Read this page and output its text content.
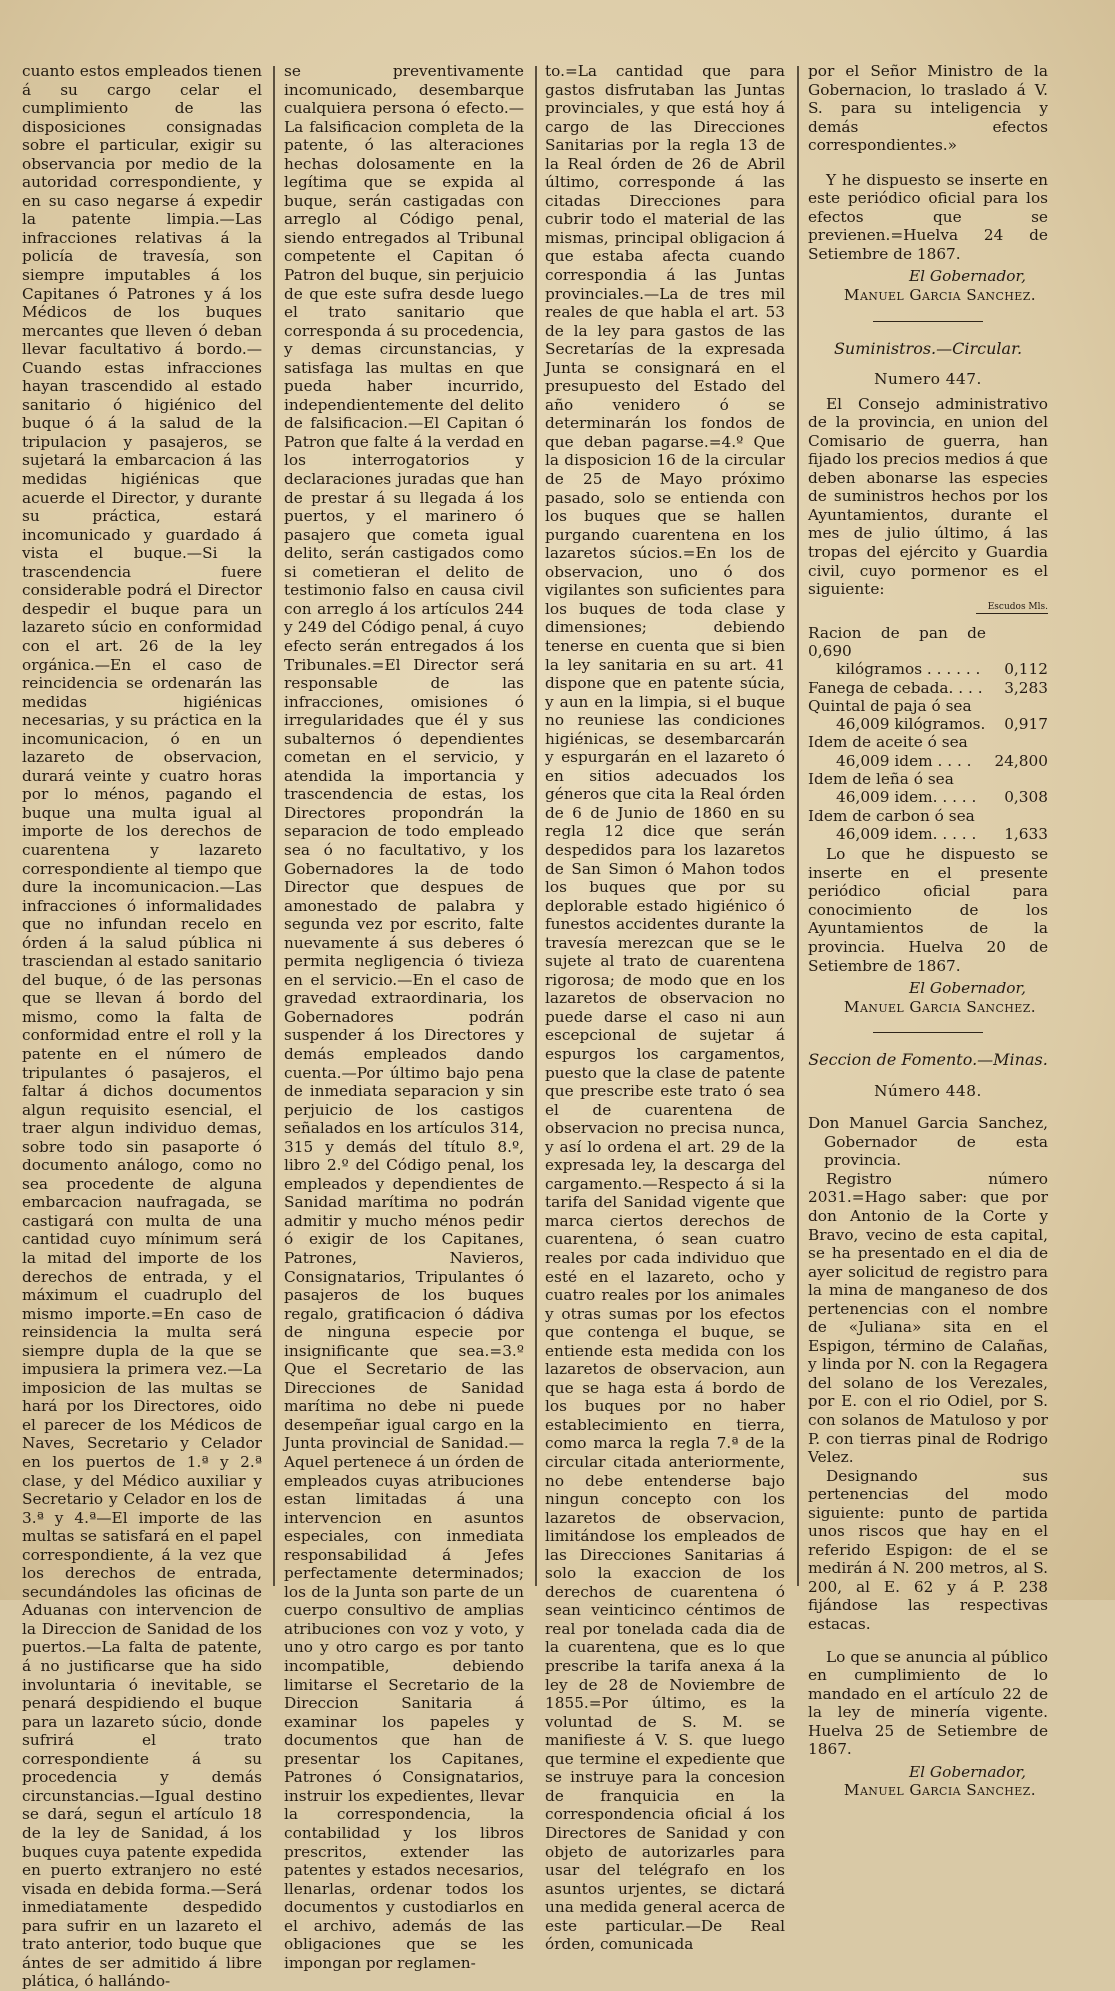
cuanto estos empleados tienen á su cargo celar el cumplimiento de las disposiciones consignadas sobre el particular, exigir su observancia por medio de la autoridad correspondiente, y en su caso negarse á expedir la patente limpia.—Las infracciones relativas á la policía de travesía, son siempre imputables á los Capitanes ó Patrones y á los Médicos de los buques mercantes que lleven ó deban llevar facultativo á bordo.—Cuando estas infracciones hayan trascendido al estado sanitario ó higiénico del buque ó á la salud de la tripulacion y pasajeros, se sujetará la embarcacion á las medidas higiénicas que acuerde el Director, y durante su práctica, estará incomunicado y guardado á vista el buque.—Si la trascendencia fuere considerable podrá el Director despedir el buque para un lazareto súcio en conformidad con el art. 26 de la ley orgánica.—En el caso de reincidencia se ordenarán las medidas higiénicas necesarias, y su práctica en la incomunicacion, ó en un lazareto de observacion, durará veinte y cuatro horas por lo ménos, pagando el buque una multa igual al importe de los derechos de cuarentena y lazareto correspondiente al tiempo que dure la incomunicacion.—Las infracciones ó informalidades que no infundan recelo en órden á la salud pública ni trasciendan al estado sanitario del buque, ó de las personas que se llevan á bordo del mismo, como la falta de conformidad entre el roll y la patente en el número de tripulantes ó pasajeros, el faltar á dichos documentos algun requisito esencial, el traer algun individuo demas, sobre todo sin pasaporte ó documento análogo, como no sea procedente de alguna embarcacion naufragada, se castigará con multa de una cantidad cuyo mínimum será la mitad del importe de los derechos de entrada, y el máximum el cuadruplo del mismo importe.=En caso de reinsidencia la multa será siempre dupla de la que se impusiera la primera vez.—La imposicion de las multas se hará por los Directores, oido el parecer de los Médicos de Naves, Secretario y Celador en los puertos de 1.ª y 2.ª clase, y del Médico auxiliar y Secretario y Celador en los de 3.ª y 4.ª—El importe de las multas se satisfará en el papel correspondiente, á la vez que los derechos de entrada, secundándoles las oficinas de Aduanas con intervencion de la Direccion de Sanidad de los puertos.—La falta de patente, á no justificarse que ha sido involuntaria ó inevitable, se penará despidiendo el buque para un lazareto súcio, donde sufrirá el trato correspondiente á su procedencia y demás circunstancias.—Igual destino se dará, segun el artículo 18 de la ley de Sanidad, á los buques cuya patente expedida en puerto extranjero no esté visada en debida forma.—Será inmediatamente despedido para sufrir en un lazareto el trato anterior, todo buque que ántes de ser admitido á libre plática, ó hallándo-

se preventivamente incomunicado, desembarque cualquiera persona ó efecto.—La falsificacion completa de la patente, ó las alteraciones hechas dolosamente en la legítima que se expida al buque, serán castigadas con arreglo al Código penal, siendo entregados al Tribunal competente el Capitan ó Patron del buque, sin perjuicio de que este sufra desde luego el trato sanitario que corresponda á su procedencia, y demas circunstancias, y satisfaga las multas en que pueda haber incurrido, independientemente del delito de falsificacion.—El Capitan ó Patron que falte á la verdad en los interrogatorios y declaraciones juradas que han de prestar á su llegada á los puertos, y el marinero ó pasajero que cometa igual delito, serán castigados como si cometieran el delito de testimonio falso en causa civil con arreglo á los artículos 244 y 249 del Código penal, á cuyo efecto serán entregados á los Tribunales.=El Director será responsable de las infracciones, omisiones ó irregularidades que él y sus subalternos ó dependientes cometan en el servicio, y atendida la importancia y trascendencia de estas, los Directores propondrán la separacion de todo empleado sea ó no facultativo, y los Gobernadores la de todo Director que despues de amonestado de palabra y segunda vez por escrito, falte nuevamente á sus deberes ó permita negligencia ó tivieza en el servicio.—En el caso de gravedad extraordinaria, los Gobernadores podrán suspender á los Directores y demás empleados dando cuenta.—Por último bajo pena de inmediata separacion y sin perjuicio de los castigos señalados en los artículos 314, 315 y demás del título 8.º, libro 2.º del Código penal, los empleados y dependientes de Sanidad marítima no podrán admitir y mucho ménos pedir ó exigir de los Capitanes, Patrones, Navieros, Consignatarios, Tripulantes ó pasajeros de los buques regalo, gratificacion ó dádiva de ninguna especie por insignificante que sea.=3.º Que el Secretario de las Direcciones de Sanidad marítima no debe ni puede desempeñar igual cargo en la Junta provincial de Sanidad.—Aquel pertenece á un órden de empleados cuyas atribuciones estan limitadas á una intervencion en asuntos especiales, con inmediata responsabilidad á Jefes perfectamente determinados; los de la Junta son parte de un cuerpo consultivo de amplias atribuciones con voz y voto, y uno y otro cargo es por tanto incompatible, debiendo limitarse el Secretario de la Direccion Sanitaria á examinar los papeles y documentos que han de presentar los Capitanes, Patrones ó Consignatarios, instruir los expedientes, llevar la correspondencia, la contabilidad y los libros prescritos, extender las patentes y estados necesarios, llenarlas, ordenar todos los documentos y custodiarlos en el archivo, además de las obligaciones que se les impongan por reglamen-

to.=La cantidad que para gastos disfrutaban las Juntas provinciales, y que está hoy á cargo de las Direcciones Sanitarias por la regla 13 de la Real órden de 26 de Abril último, corresponde á las citadas Direcciones para cubrir todo el material de las mismas, principal obligacion á que estaba afecta cuando correspondia á las Juntas provinciales.—La de tres mil reales de que habla el art. 53 de la ley para gastos de las Secretarías de la expresada Junta se consignará en el presupuesto del Estado del año venidero ó se determinarán los fondos de que deban pagarse.=4.º Que la disposicion 16 de la circular de 25 de Mayo próximo pasado, solo se entienda con los buques que se hallen purgando cuarentena en los lazaretos súcios.=En los de observacion, uno ó dos vigilantes son suficientes para los buques de toda clase y dimensiones; debiendo tenerse en cuenta que si bien la ley sanitaria en su art. 41 dispone que en patente súcia, y aun en la limpia, si el buque no reuniese las condiciones higiénicas, se desembarcarán y espurgarán en el lazareto ó en sitios adecuados los géneros que cita la Real órden de 6 de Junio de 1860 en su regla 12 dice que serán despedidos para los lazaretos de San Simon ó Mahon todos los buques que por su deplorable estado higiénico ó funestos accidentes durante la travesía merezcan que se le sujete al trato de cuarentena rigorosa; de modo que en los lazaretos de observacion no puede darse el caso ni aun escepcional de sujetar á espurgos los cargamentos, puesto que la clase de patente que prescribe este trato ó sea el de cuarentena de observacion no precisa nunca, y así lo ordena el art. 29 de la expresada ley, la descarga del cargamento.—Respecto á si la tarifa del Sanidad vigente que marca ciertos derechos de cuarentena, ó sean cuatro reales por cada individuo que esté en el lazareto, ocho y cuatro reales por los animales y otras sumas por los efectos que contenga el buque, se entiende esta medida con los lazaretos de observacion, aun que se haga esta á bordo de los buques por no haber establecimiento en tierra, como marca la regla 7.ª de la circular citada anteriormente, no debe entenderse bajo ningun concepto con los lazaretos de observacion, limitándose los empleados de las Direcciones Sanitarias á solo la exaccion de los derechos de cuarentena ó sean veinticinco céntimos de real por tonelada cada dia de la cuarentena, que es lo que prescribe la tarifa anexa á la ley de 28 de Noviembre de 1855.=Por último, es la voluntad de S. M. se manifieste á V. S. que luego que termine el expediente que se instruye para la concesion de franquicia en la correspondencia oficial á los Directores de Sanidad y con objeto de autorizarles para usar del telégrafo en los asuntos urjentes, se dictará una medida general acerca de este particular.—De Real órden, comunicada

por el Señor Ministro de la Gobernacion, lo traslado á V. S. para su inteligencia y demás efectos correspondientes.»

Y he dispuesto se inserte en este periódico oficial para los efectos que se previenen.=Huelva 24 de Setiembre de 1867.

El Gobernador,

Manuel Garcia Sanchez.

Suministros.—Circular.

Numero 447.

El Consejo administrativo de la provincia, en union del Comisario de guerra, han fijado los precios medios á que deben abonarse las especies de suministros hechos por los Ayuntamientos, durante el mes de julio último, á las tropas del ejército y Guardia civil, cuyo pormenor es el siguiente:

Escudos Mls.
Racion de pan de 0,690	
kilógramos . . . . . .	0,112
Fanega de cebada. . . .	3,283
Quintal de paja ó sea	
46,009 kilógramos.	0,917
Idem de aceite ó sea	
46,009 idem . . . .	24,800
Idem de leña ó sea	
46,009 idem. . . . .	0,308
Idem de carbon ó sea	
46,009 idem. . . . .	1,633

Lo que he dispuesto se inserte en el presente periódico oficial para conocimiento de los Ayuntamientos de la provincia. Huelva 20 de Setiembre de 1867.

El Gobernador,

Manuel Garcia Sanchez.

Seccion de Fomento.—Minas.

Número 448.

Don Manuel Garcia Sanchez, Gobernador de esta provincia.

Registro número 2031.=Hago saber: que por don Antonio de la Corte y Bravo, vecino de esta capital, se ha presentado en el dia de ayer solicitud de registro para la mina de manganeso de dos pertenencias con el nombre de «Juliana» sita en el Espigon, término de Calañas, y linda por N. con la Regagera del solano de los Verezales, por E. con el rio Odiel, por S. con solanos de Matuloso y por P. con tierras pinal de Rodrigo Velez.

Designando sus pertenencias del modo siguiente: punto de partida unos riscos que hay en el referido Espigon: de el se medirán á N. 200 metros, al S. 200, al E. 62 y á P. 238 fijándose las respectivas estacas.

Lo que se anuncia al público en cumplimiento de lo mandado en el artículo 22 de la ley de minería vigente. Huelva 25 de Setiembre de 1867.

El Gobernador,

Manuel Garcia Sanchez.
